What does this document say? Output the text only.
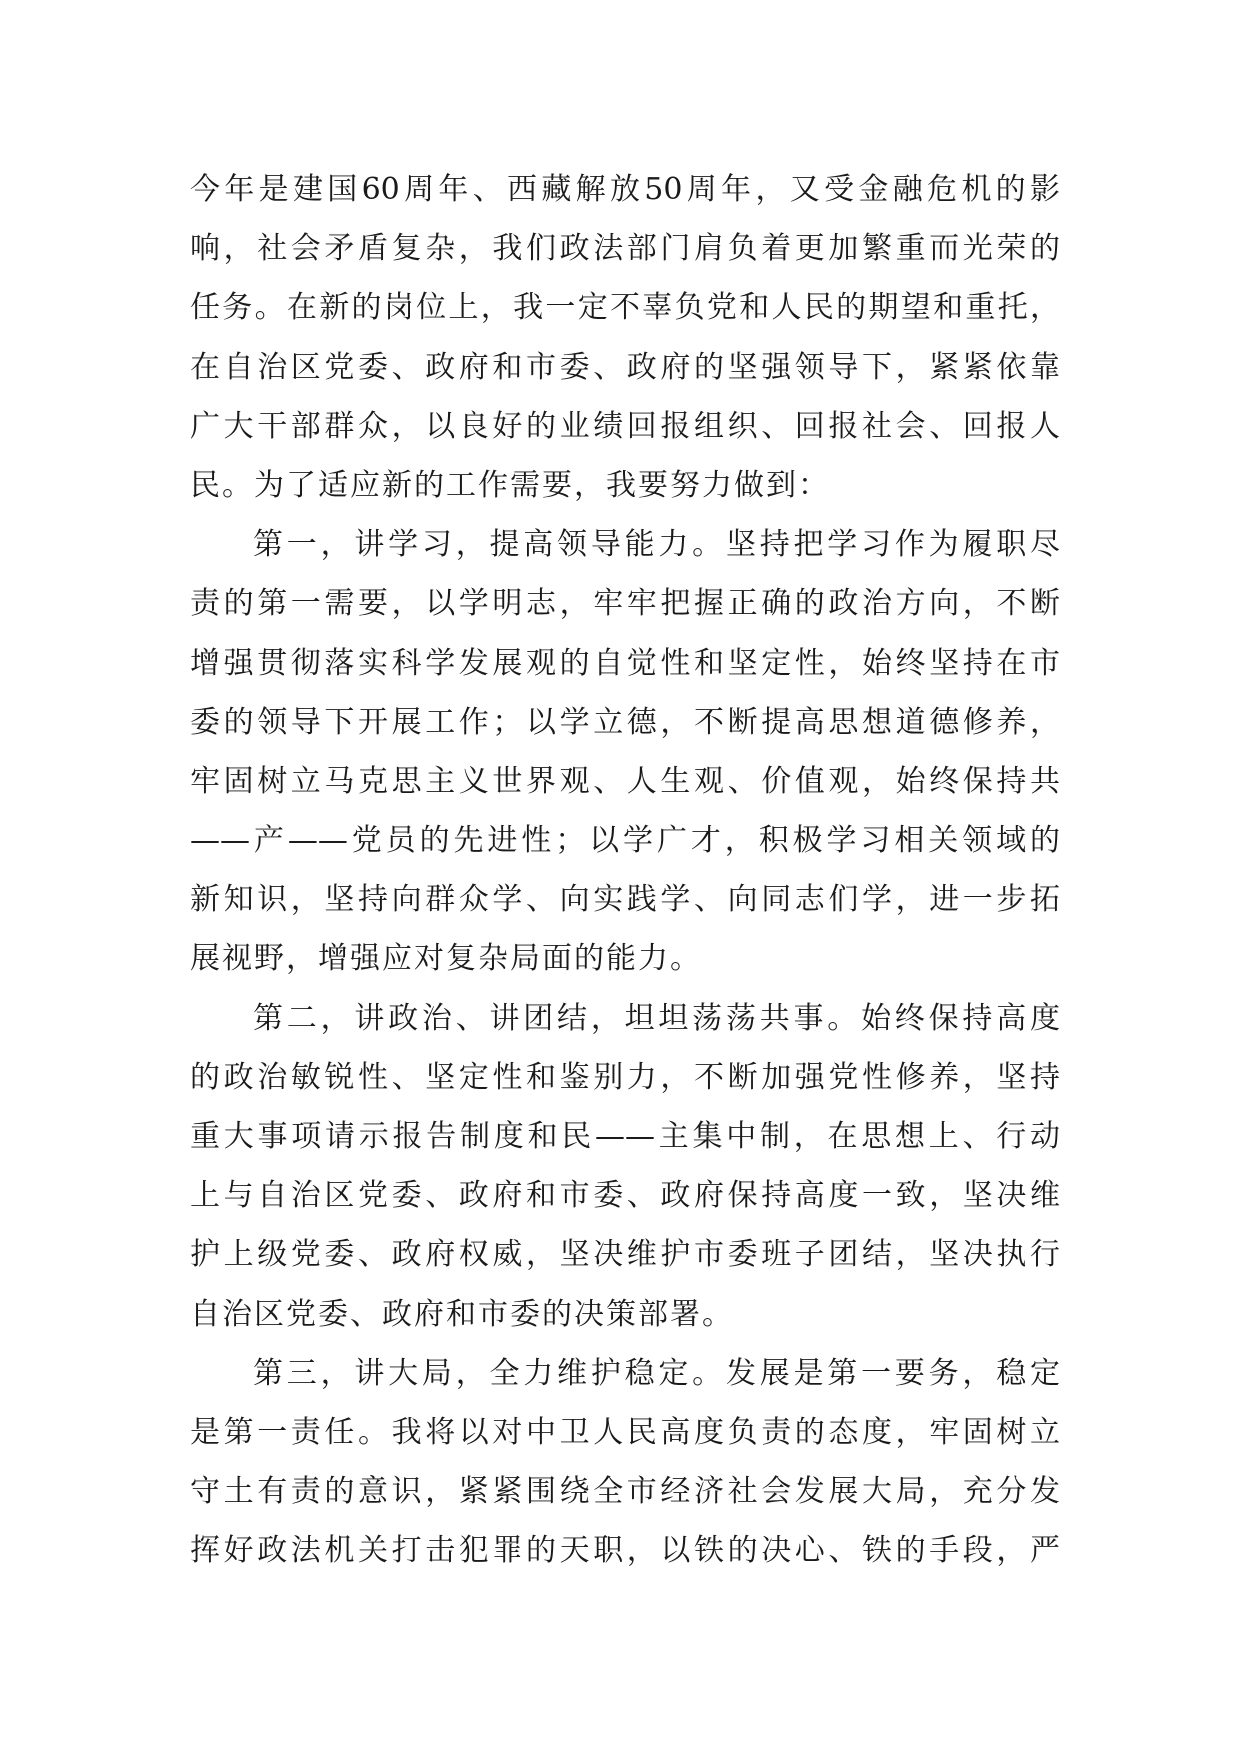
今年是建国60周年、西藏解放50周年，又受金融危机的影
响，社会矛盾复杂，我们政法部门肩负着更加繁重而光荣的
任务。在新的岗位上，我一定不辜负党和人民的期望和重托，
在自治区党委、政府和市委、政府的坚强领导下，紧紧依靠
广大干部群众，以良好的业绩回报组织、回报社会、回报人
民。为了适应新的工作需要，我要努力做到：
第一，讲学习，提高领导能力。坚持把学习作为履职尽
责的第一需要，以学明志，牢牢把握正确的政治方向，不断
增强贯彻落实科学发展观的自觉性和坚定性，始终坚持在市
委的领导下开展工作；以学立德，不断提高思想道德修养，
牢固树立马克思主义世界观、人生观、价值观，始终保持共
——产——党员的先进性；以学广才，积极学习相关领域的
新知识，坚持向群众学、向实践学、向同志们学，进一步拓
展视野，增强应对复杂局面的能力。
第二，讲政治、讲团结，坦坦荡荡共事。始终保持高度
的政治敏锐性、坚定性和鉴别力，不断加强党性修养，坚持
重大事项请示报告制度和民——主集中制，在思想上、行动
上与自治区党委、政府和市委、政府保持高度一致，坚决维
护上级党委、政府权威，坚决维护市委班子团结，坚决执行
自治区党委、政府和市委的决策部署。
第三，讲大局，全力维护稳定。发展是第一要务，稳定
是第一责任。我将以对中卫人民高度负责的态度，牢固树立
守土有责的意识，紧紧围绕全市经济社会发展大局，充分发
挥好政法机关打击犯罪的天职，以铁的决心、铁的手段，严
